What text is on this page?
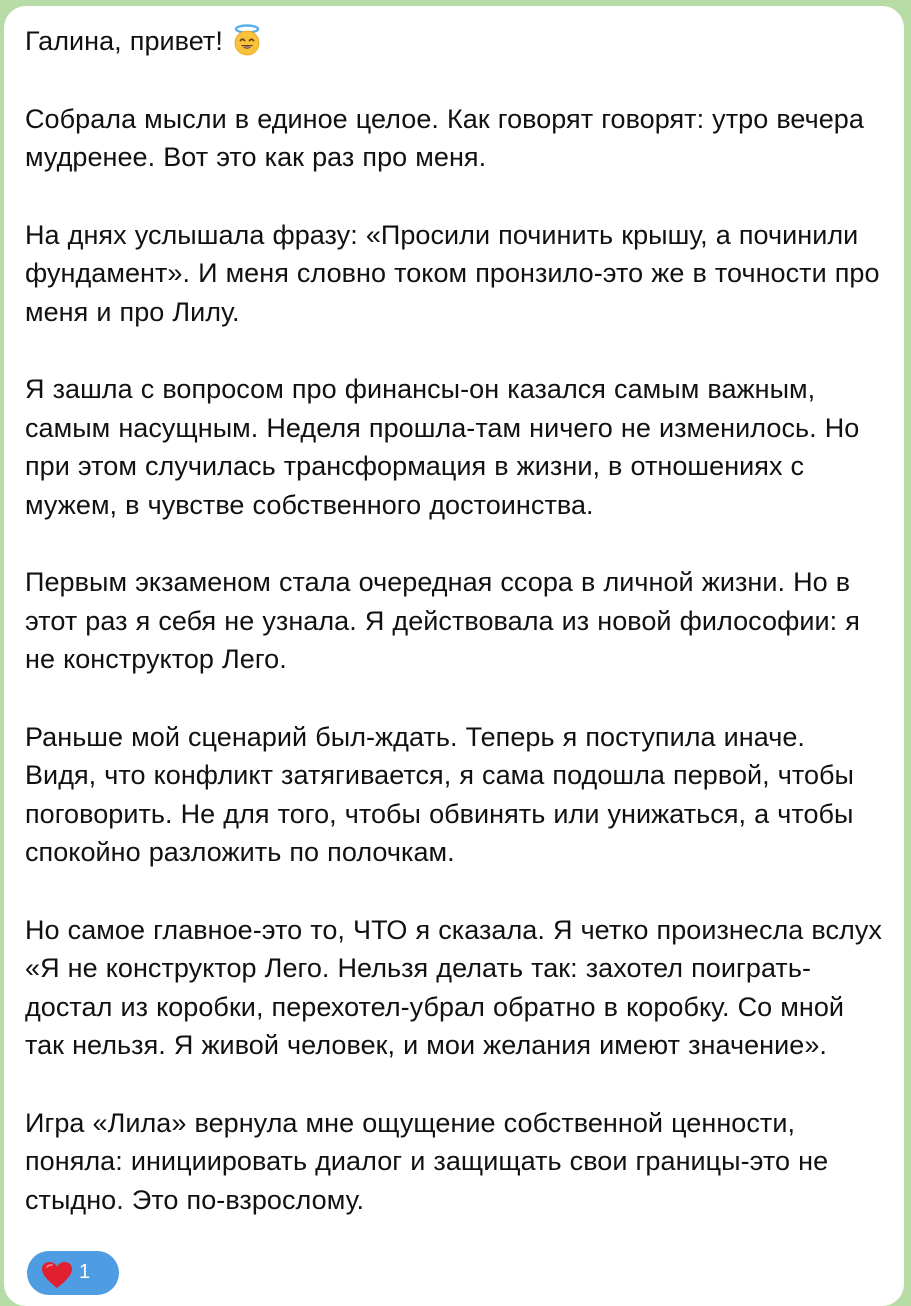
Галина, привет!

Собрала мысли в единое целое. Как говорят говорят: утро вечера мудренее. Вот это как раз про меня.

На днях услышала фразу: «Просили починить крышу, а починили фундамент». И меня словно током пронзило-это же в точности про меня и про Лилу.

Я зашла с вопросом про финансы-он казался самым важным, самым насущным. Неделя прошла-там ничего не изменилось. Но при этом случилась трансформация в жизни, в отношениях с мужем, в чувстве собственного достоинства.

Первым экзаменом стала очередная ссора в личной жизни. Но в этот раз я себя не узнала. Я действовала из новой философии: я не конструктор Лего.

Раньше мой сценарий был-ждать. Теперь я поступила иначе. Видя, что конфликт затягивается, я сама подошла первой, чтобы поговорить. Не для того, чтобы обвинять или унижаться, а чтобы спокойно разложить по полочкам.

Но самое главное-это то, ЧТО я сказала. Я четко произнесла вслух «Я не конструктор Лего. Нельзя делать так: захотел поиграть-достал из коробки, перехотел-убрал обратно в коробку. Со мной так нельзя. Я живой человек, и мои желания имеют значение».

Игра «Лила» вернула мне ощущение собственной ценности, поняла: инициировать диалог и защищать свои границы-это не стыдно. Это по-взрослому.

1
